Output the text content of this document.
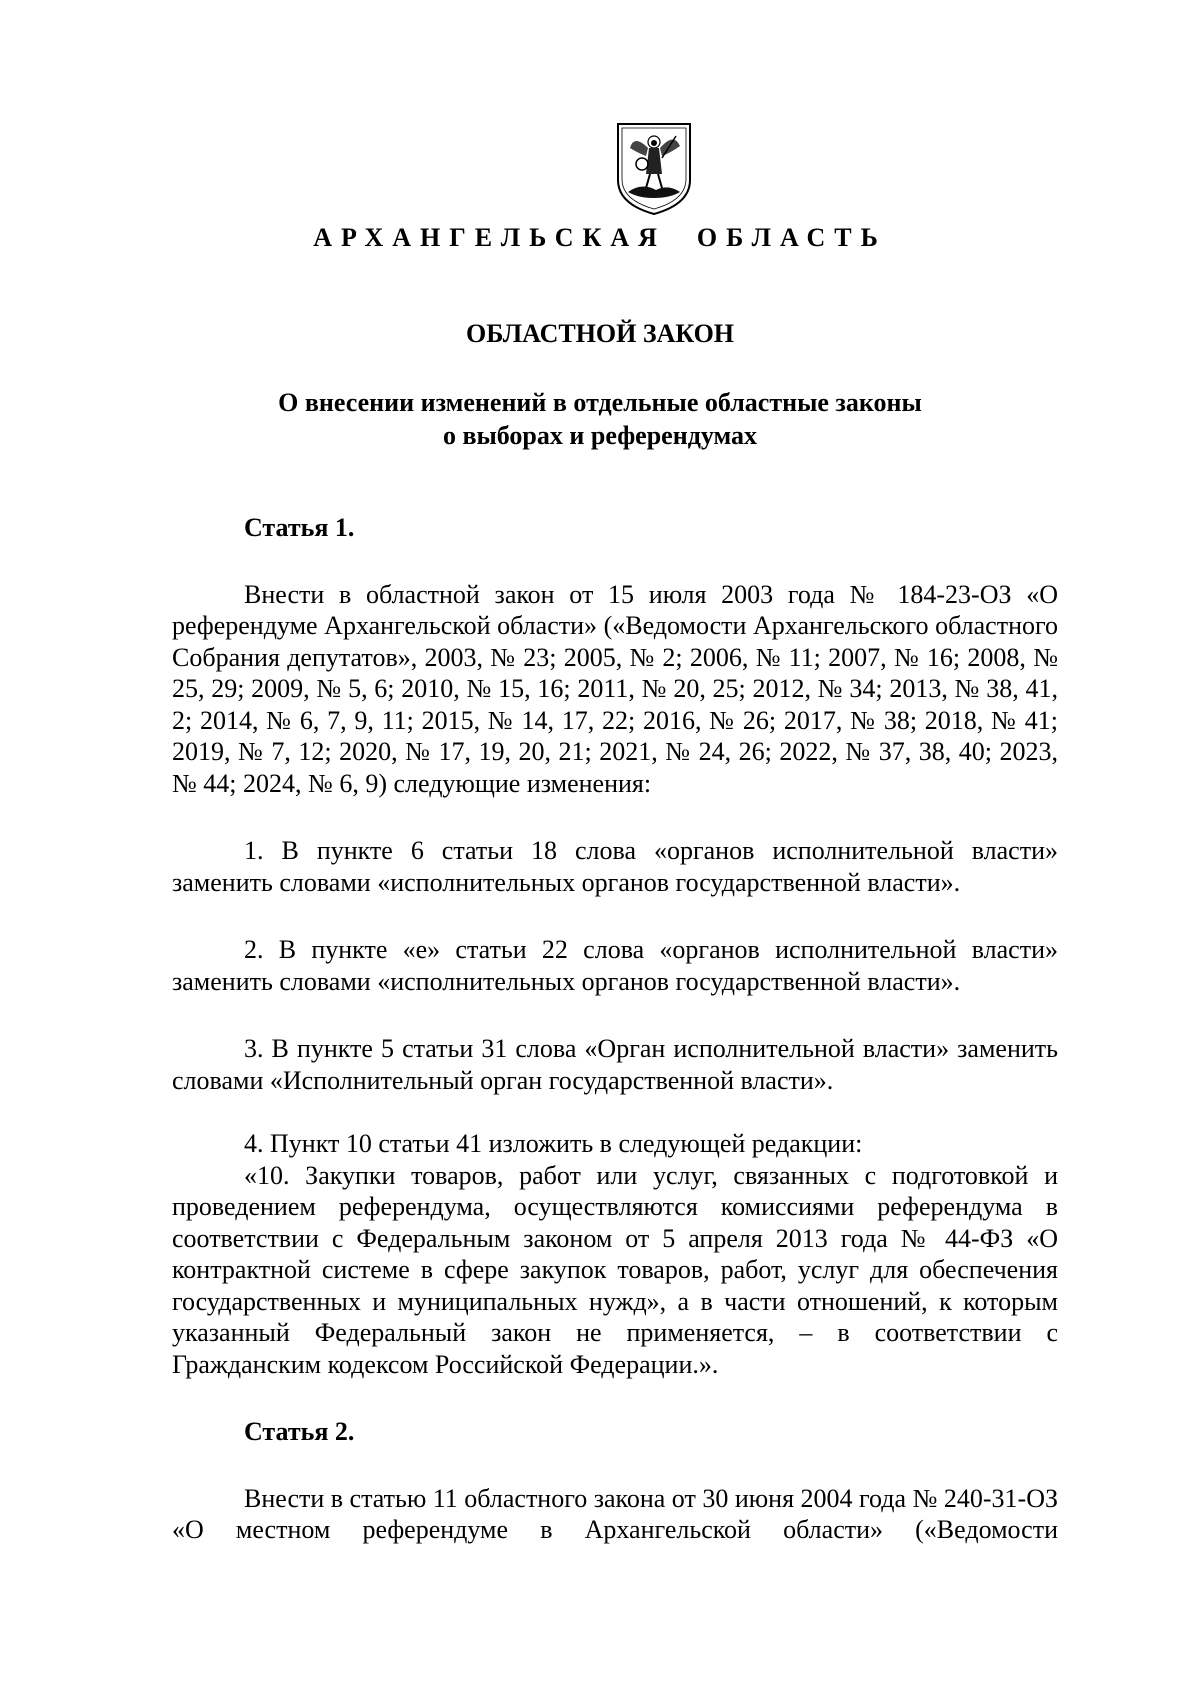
АРХАНГЕЛЬСКАЯ  ОБЛАСТЬ
ОБЛАСТНОЙ ЗАКОН
О внесении изменений в отдельные областные законы
о выборах и референдумах

Статья 1.

Внести в областной закон от 15 июля 2003 года № 184-23-ОЗ «О референдуме Архангельской области» («Ведомости Архангельского областного Собрания депутатов», 2003, № 23; 2005, № 2; 2006, № 11; 2007, № 16; 2008, № 25, 29; 2009, № 5, 6; 2010, № 15, 16; 2011, № 20, 25; 2012, № 34; 2013, № 38, 41, 2; 2014, № 6, 7, 9, 11; 2015, № 14, 17, 22; 2016, № 26; 2017, № 38; 2018, № 41; 2019, № 7, 12; 2020, № 17, 19, 20, 21; 2021, № 24, 26; 2022, № 37, 38, 40; 2023, № 44; 2024, № 6, 9) следующие изменения:

1. В пункте 6 статьи 18 слова «органов исполнительной власти» заменить словами «исполнительных органов государственной власти».

2. В пункте «е» статьи 22 слова «органов исполнительной власти» заменить словами «исполнительных органов государственной власти».

3. В пункте 5 статьи 31 слова «Орган исполнительной власти» заменить словами «Исполнительный орган государственной власти».

4. Пункт 10 статьи 41 изложить в следующей редакции:

«10. Закупки товаров, работ или услуг, связанных с подготовкой и проведением референдума, осуществляются комиссиями референдума в соответствии с Федеральным законом от 5 апреля 2013 года № 44-ФЗ «О контрактной системе в сфере закупок товаров, работ, услуг для обеспечения государственных и муниципальных нужд», а в части отношений, к которым указанный Федеральный закон не применяется, – в соответствии с Гражданским кодексом Российской Федерации.».

Статья 2.

Внести в статью 11 областного закона от 30 июня 2004 года № 240-31-ОЗ «О местном референдуме в Архангельской области» («Ведомости
